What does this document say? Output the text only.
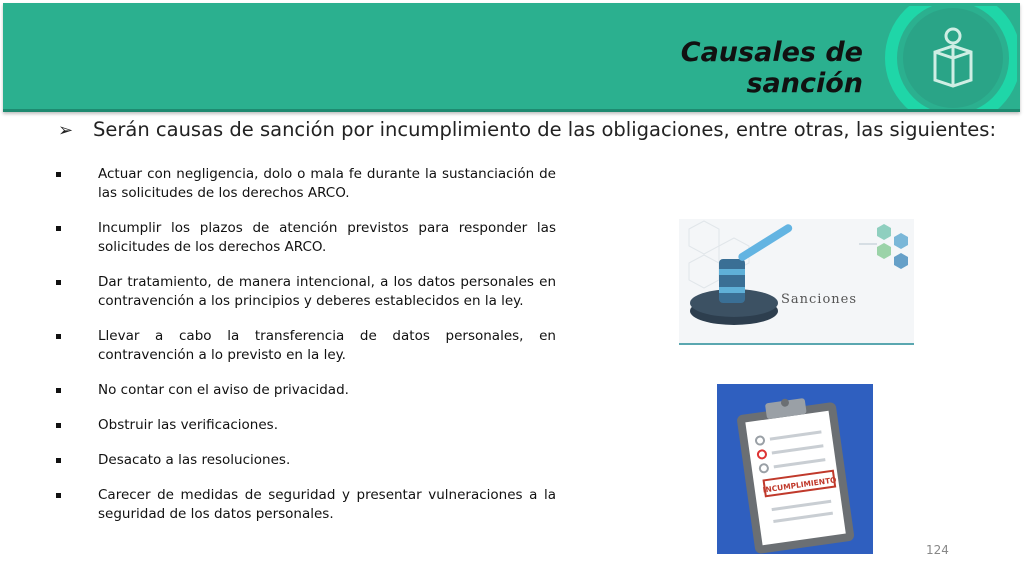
Causales de sanción
➢ Serán causas de sanción por incumplimiento de las obligaciones, entre otras, las siguientes:
Actuar con negligencia, dolo o mala fe durante la sustanciación de las solicitudes de los derechos ARCO.
Incumplir los plazos de atención previstos para responder las solicitudes de los derechos ARCO.
Dar tratamiento, de manera intencional, a los datos personales en contravención a los principios y deberes establecidos en la ley.
Llevar a cabo la transferencia de datos personales, en contravención a lo previsto en la ley.
No contar con el aviso de privacidad.
Obstruir las verificaciones.
Desacato a las resoluciones.
Carecer de medidas de seguridad y presentar vulneraciones a la seguridad de los datos personales.
Sanciones
INCUMPLIMIENTO
124
